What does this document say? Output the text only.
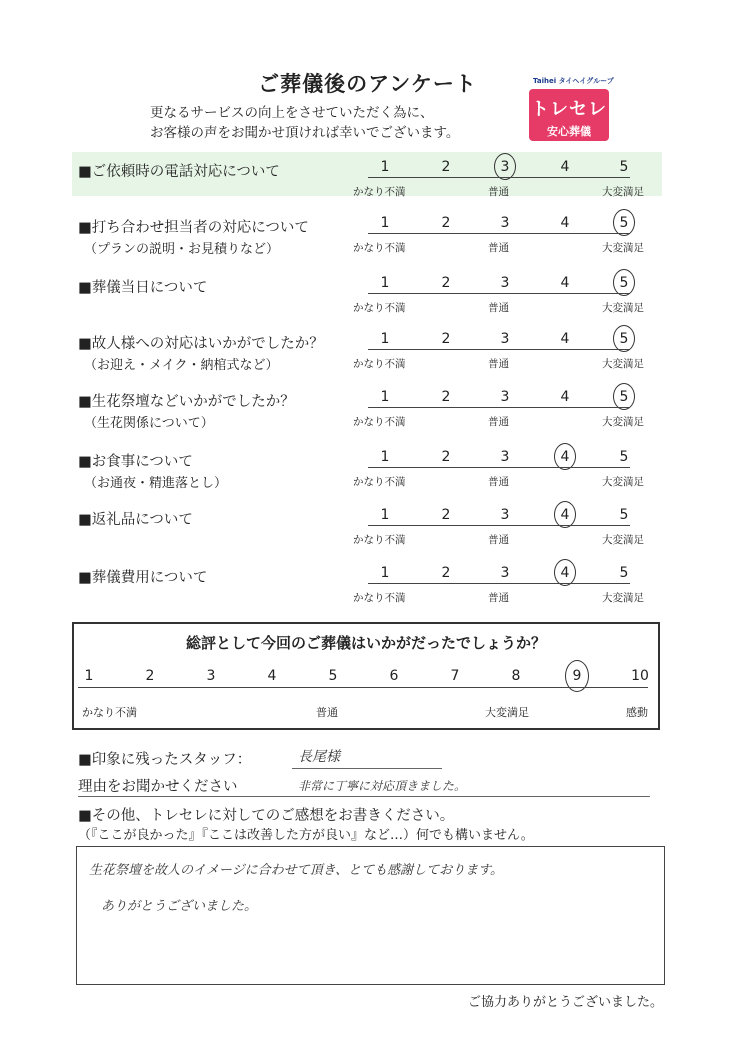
ご葬儀後のアンケート
更なるサービスの向上をさせていただく為に、
お客様の声をお聞かせ頂ければ幸いでございます。
Taihei タイヘイグループ
トレセレ
安心葬儀
■ご依頼時の電話対応について	1	2	3	4	5
かなり不満	普通	大変満足
■打ち合わせ担当者の対応について
（プランの説明・お見積りなど）
1	2	3	4	5
かなり不満	普通	大変満足
■葬儀当日について	1	2	3	4	5
かなり不満	普通	大変満足
■故人様への対応はいかがでしたか？
（お迎え・メイク・納棺式など）
1	2	3	4	5
かなり不満	普通	大変満足
■生花祭壇などいかがでしたか？
（生花関係について）
1	2	3	4	5
かなり不満	普通	大変満足
■お食事について
（お通夜・精進落とし）
1	2	3	4	5
かなり不満	普通	大変満足
■返礼品について	1	2	3	4	5
かなり不満	普通	大変満足
■葬儀費用について	1	2	3	4	5
かなり不満	普通	大変満足
総評として今回のご葬儀はいかがだったでしょうか？
1	2	3	4	5	6	7	8	9	10
かなり不満	普通	大変満足	感動
■印象に残ったスタッフ：	長尾様
理由をお聞かせください	非常に丁寧に対応頂きました。
■その他、トレセレに対してのご感想をお書きください。
（『ここが良かった』『ここは改善した方が良い』など…）何でも構いません。
生花祭壇を故人のイメージに合わせて頂き、とても感謝しております。
ありがとうございました。
ご協力ありがとうございました。
